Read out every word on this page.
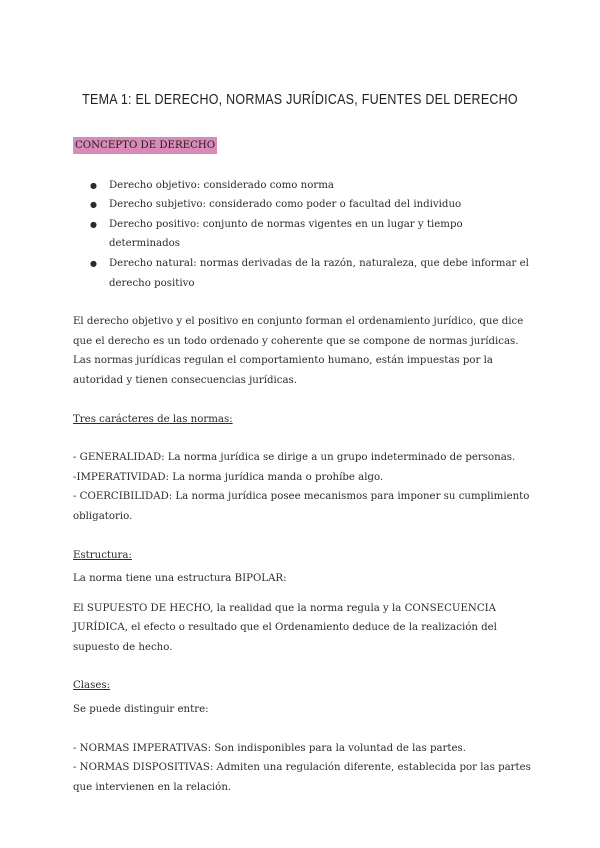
TEMA 1: EL DERECHO, NORMAS JURÍDICAS, FUENTES DEL DERECHO
CONCEPTO DE DERECHO
● Derecho objetivo: considerado como norma
● Derecho subjetivo: considerado como poder o facultad del individuo
● Derecho positivo: conjunto de normas vigentes en un lugar y tiempo determinados
● Derecho natural: normas derivadas de la razón, naturaleza, que debe informar el derecho positivo

El derecho objetivo y el positivo en conjunto forman el ordenamiento jurídico, que dice que el derecho es un todo ordenado y coherente que se compone de normas jurídicas. Las normas jurídicas regulan el comportamiento humano, están impuestas por la autoridad y tienen consecuencias jurídicas.

Tres carácteres de las normas:

- GENERALIDAD: La norma jurídica se dirige a un grupo indeterminado de personas.

-IMPERATIVIDAD: La norma jurídica manda o prohíbe algo.

- COERCIBILIDAD: La norma jurídica posee mecanismos para imponer su cumplimiento obligatorio.

Estructura:

La norma tiene una estructura BIPOLAR:

El SUPUESTO DE HECHO, la realidad que la norma regula y la CONSECUENCIA JURÍDICA, el efecto o resultado que el Ordenamiento deduce de la realización del supuesto de hecho.

Clases:

Se puede distinguir entre:

- NORMAS IMPERATIVAS: Son indisponibles para la voluntad de las partes.

- NORMAS DISPOSITIVAS: Admiten una regulación diferente, establecida por las partes que intervienen en la relación.
